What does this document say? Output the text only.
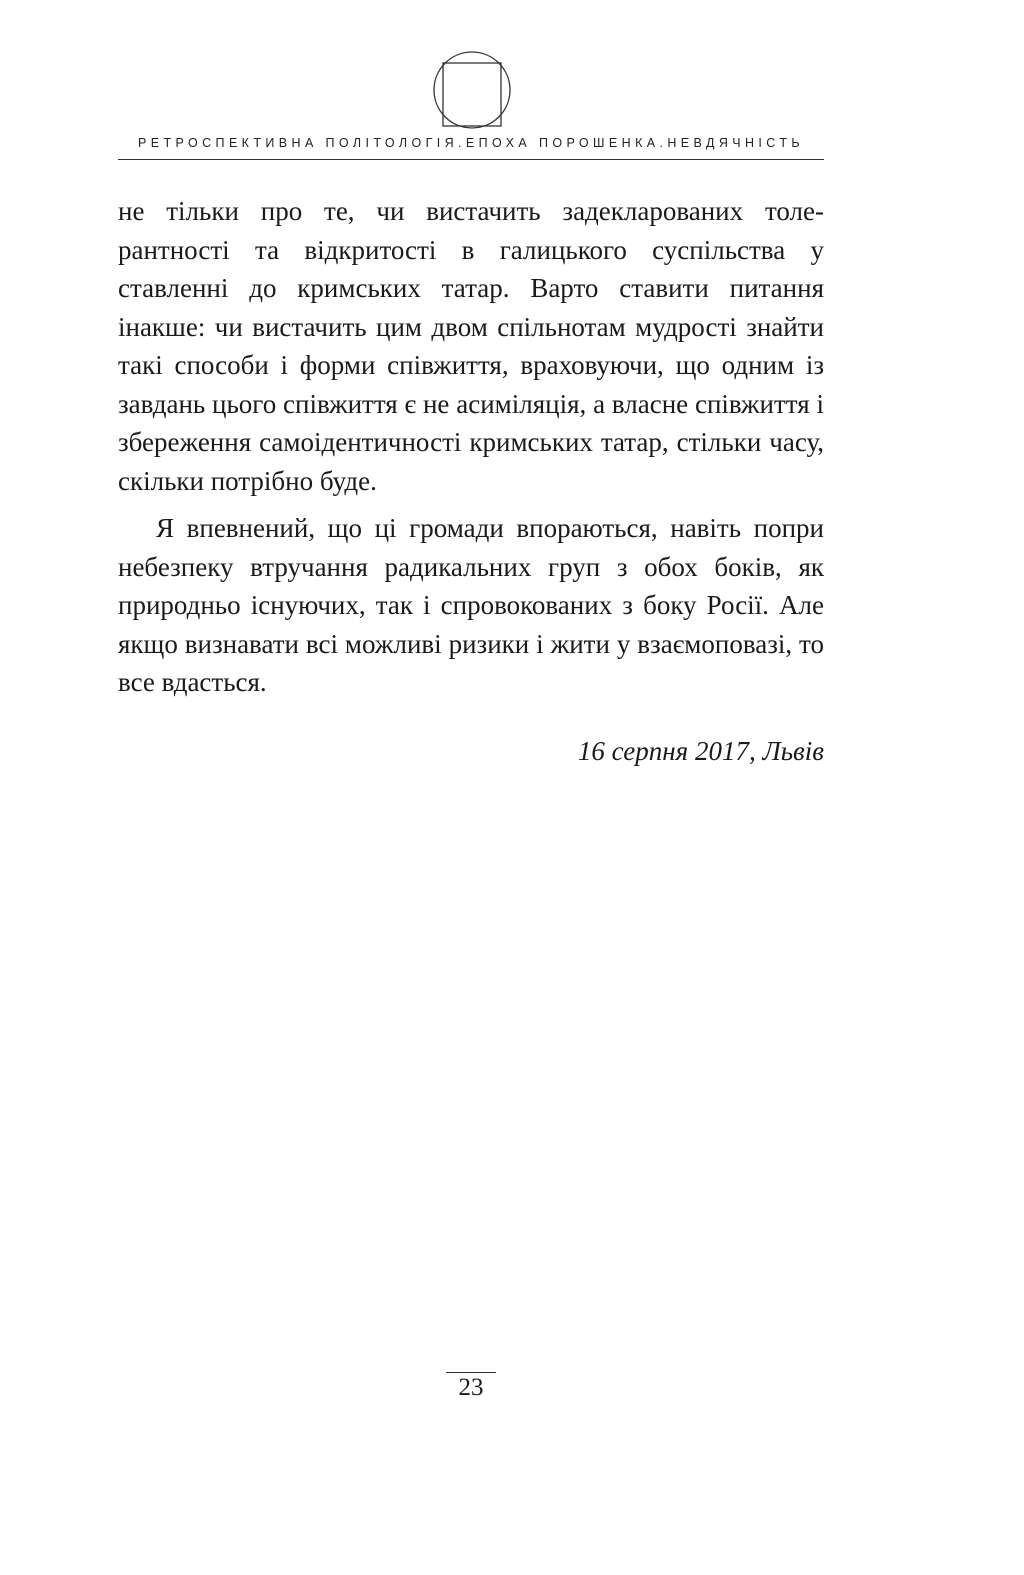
РЕТРОСПЕКТИВНА ПОЛІТОЛОГІЯ.ЕПОХА ПОРОШЕНКА.НЕВДЯЧНІСТЬ

не тільки про те, чи вистачить задекларованих толе-рантності та відкритості в галицького суспільства у ставленні до кримських татар. Варто ставити питання інакше: чи вистачить цим двом спільнотам мудрості знайти такі способи і форми співжиття, враховуючи, що одним із завдань цього співжиття є не асиміляція, а власне співжиття і збереження самоідентичності кримських татар, стільки часу, скільки потрібно буде.

Я впевнений, що ці громади впораються, навіть попри небезпеку втручання радикальних груп з обох боків, як природньо існуючих, так і спровокованих з боку Росії. Але якщо визнавати всі можливі ризики і жити у взаємоповазі, то все вдасться.

16 серпня 2017, Львів
23
